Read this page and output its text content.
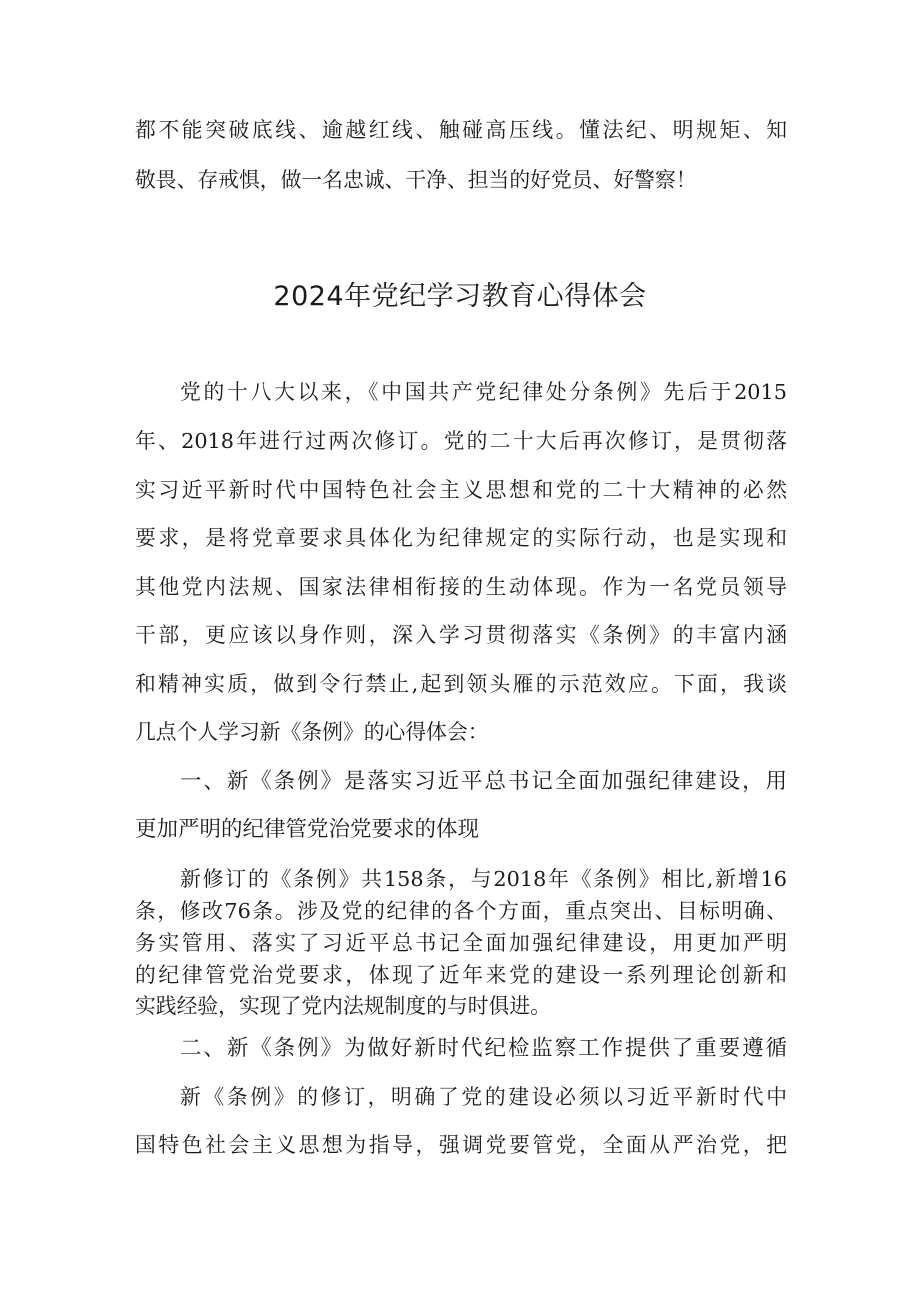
都不能突破底线、逾越红线、触碰高压线。懂法纪、明规矩、知

敬畏、存戒惧，做一名忠诚、干净、担当的好党员、好警察！

2024年党纪学习教育心得体会

党的十八大以来，《中国共产党纪律处分条例》先后于2015

年、2018年进行过两次修订。党的二十大后再次修订，是贯彻落

实习近平新时代中国特色社会主义思想和党的二十大精神的必然

要求，是将党章要求具体化为纪律规定的实际行动，也是实现和

其他党内法规、国家法律相衔接的生动体现。作为一名党员领导

干部，更应该以身作则，深入学习贯彻落实《条例》的丰富内涵

和精神实质，做到令行禁止,起到领头雁的示范效应。下面，我谈

几点个人学习新《条例》的心得体会：

一、新《条例》是落实习近平总书记全面加强纪律建设，用

更加严明的纪律管党治党要求的体现

新修订的《条例》共158条，与2018年《条例》相比,新增16

条，修改76条。涉及党的纪律的各个方面，重点突出、目标明确、

务实管用、落实了习近平总书记全面加强纪律建设，用更加严明

的纪律管党治党要求，体现了近年来党的建设一系列理论创新和

实践经验，实现了党内法规制度的与时俱进。

二、新《条例》为做好新时代纪检监察工作提供了重要遵循

新《条例》的修订，明确了党的建设必须以习近平新时代中

国特色社会主义思想为指导，强调党要管党，全面从严治党，把
